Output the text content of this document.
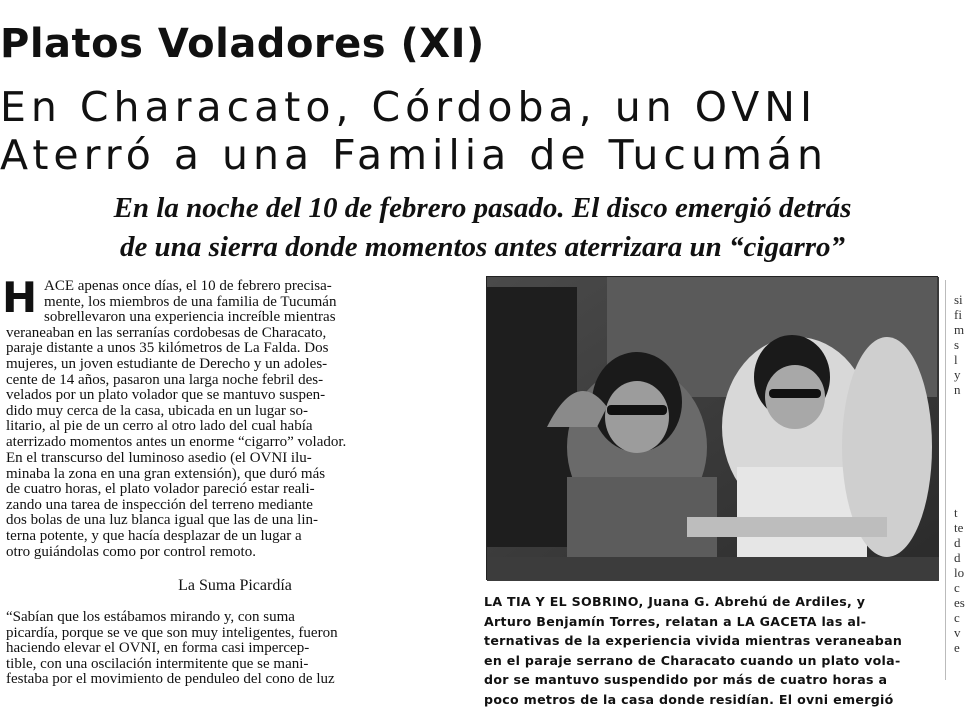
Platos Voladores (XI)
En Characato, Córdoba, un OVNI
Aterró a una Familia de Tucumán
En la noche del 10 de febrero pasado. El disco emergió detrás
de una sierra donde momentos antes aterrizara un “cigarro”
H ACE apenas once días, el 10 de febrero precisa-
mente, los miembros de una familia de Tucumán
sobrellevaron una experiencia increíble mientras
veraneaban en las serranías cordobesas de Characato,
paraje distante a unos 35 kilómetros de La Falda. Dos
mujeres, un joven estudiante de Derecho y un adoles-
cente de 14 años, pasaron una larga noche febril des-
velados por un plato volador que se mantuvo suspen-
dido muy cerca de la casa, ubicada en un lugar so-
litario, al pie de un cerro al otro lado del cual había
aterrizado momentos antes un enorme “cigarro” volador.
En el transcurso del luminoso asedio (el OVNI ilu-
minaba la zona en una gran extensión), que duró más
de cuatro horas, el plato volador pareció estar reali-
zando una tarea de inspección del terreno mediante
dos bolas de una luz blanca igual que las de una lin-
terna potente, y que hacía desplazar de un lugar a
otro guiándolas como por control remoto.
La Suma Picardía
“Sabían que los estábamos mirando y, con suma
picardía, porque se ve que son muy inteligentes, fueron
haciendo elevar el OVNI, en forma casi impercep-
tible, con una oscilación intermitente que se mani-
festaba por el movimiento de penduleo del cono de luz
LA TIA Y EL SOBRINO, Juana G. Abrehú de Ardiles, y
Arturo Benjamín Torres, relatan a LA GACETA las al-
ternativas de la experiencia vivida mientras veraneaban
en el paraje serrano de Characato cuando un plato vola-
dor se mantuvo suspendido por más de cuatro horas a
poco metros de la casa donde residían. El ovni emergió
si
fi
m
s
l
y
n
t
te
d
d
lo
c
es
c
v
e
